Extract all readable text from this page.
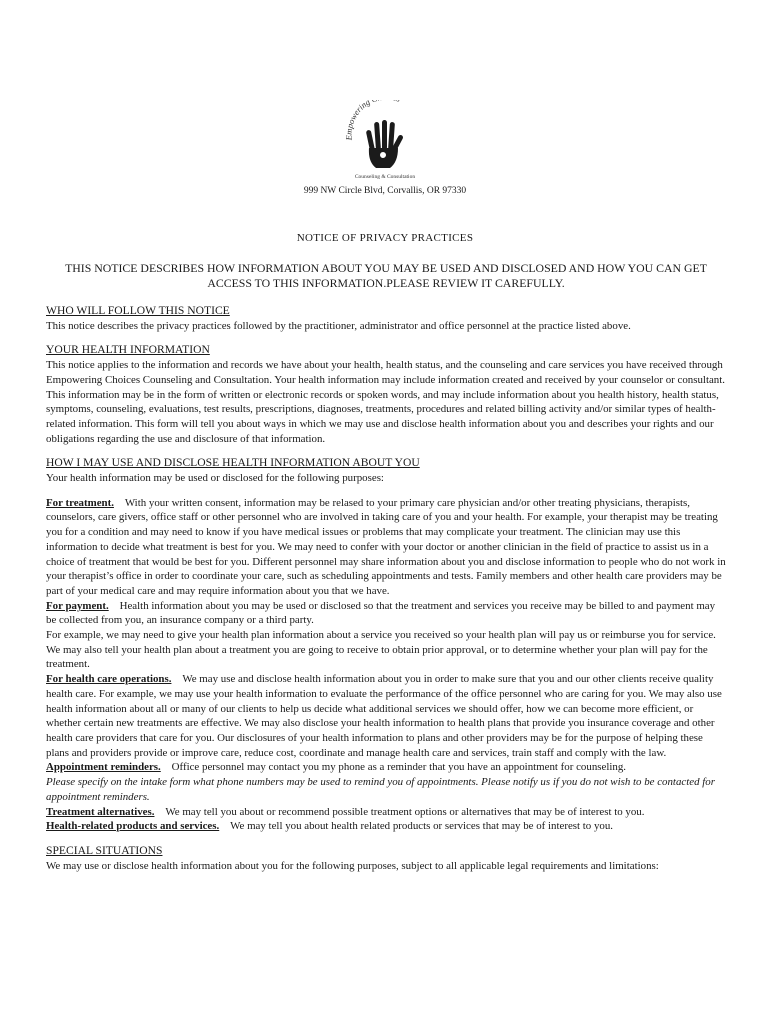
Empowering
Counseling & Consultation
999 NW Circle Blvd, Corvallis, OR 97330
NOTICE OF PRIVACY PRACTICES
THIS NOTICE DESCRIBES HOW INFORMATION ABOUT YOU MAY BE USED AND DISCLOSED AND HOW YOU CAN GET ACCESS TO THIS INFORMATION.PLEASE REVIEW IT CAREFULLY.

WHO WILL FOLLOW THIS NOTICE

This notice describes the privacy practices followed by the practitioner, administrator and office personnel at the practice listed above.

YOUR HEALTH INFORMATION

This notice applies to the information and records we have about your health, health status, and the counseling and care services you have received through Empowering Choices Counseling and Consultation. Your health information may include information created and received by your counselor or consultant. This information may be in the form of written or electronic records or spoken words, and may include information about you health history, health status, symptoms, counseling, evaluations, test results, prescriptions, diagnoses, treatments, procedures and related billing activity and/or similar types of health-related information. This form will tell you about ways in which we may use and disclose health information about you and describes your rights and our obligations regarding the use and disclosure of that information.

HOW I MAY USE AND DISCLOSE HEALTH INFORMATION ABOUT YOU

Your health information may be used or disclosed for the following purposes:

For treatment. With your written consent, information may be relased to your primary care physician and/or other treating physicians, therapists, counselors, care givers, office staff or other personnel who are involved in taking care of you and your health. For example, your therapist may be treating you for a condition and may need to know if you have medical issues or problems that may complicate your treatment. The clinician may use this information to decide what treatment is best for you. We may need to confer with your doctor or another clinician in the field of practice to assist us in a choice of treatment that would be best for you. Different personnel may share information about you and disclose information to people who do not work in your therapist’s office in order to coordinate your care, such as scheduling appointments and tests. Family members and other health care providers may be part of your medical care and may require information about you that we have.

For payment. Health information about you may be used or disclosed so that the treatment and services you receive may be billed to and payment may be collected from you, an insurance company or a third party.

For example, we may need to give your health plan information about a service you received so your health plan will pay us or reimburse you for service. We may also tell your health plan about a treatment you are going to receive to obtain prior approval, or to determine whether your plan will pay for the treatment.

For health care operations. We may use and disclose health information about you in order to make sure that you and our other clients receive quality health care. For example, we may use your health information to evaluate the performance of the office personnel who are caring for you. We may also use health information about all or many of our clients to help us decide what additional services we should offer, how we can become more efficient, or whether certain new treatments are effective. We may also disclose your health information to health plans that provide you insurance coverage and other health care providers that care for you. Our disclosures of your health information to plans and other providers may be for the purpose of helping these plans and providers provide or improve care, reduce cost, coordinate and manage health care and services, train staff and comply with the law.

Appointment reminders. Office personnel may contact you my phone as a reminder that you have an appointment for counseling.

Please specify on the intake form what phone numbers may be used to remind you of appointments. Please notify us if you do not wish to be contacted for appointment reminders.

Treatment alternatives. We may tell you about or recommend possible treatment options or alternatives that may be of interest to you.

Health-related products and services. We may tell you about health related products or services that may be of interest to you.

SPECIAL SITUATIONS

We may use or disclose health information about you for the following purposes, subject to all applicable legal requirements and limitations:
